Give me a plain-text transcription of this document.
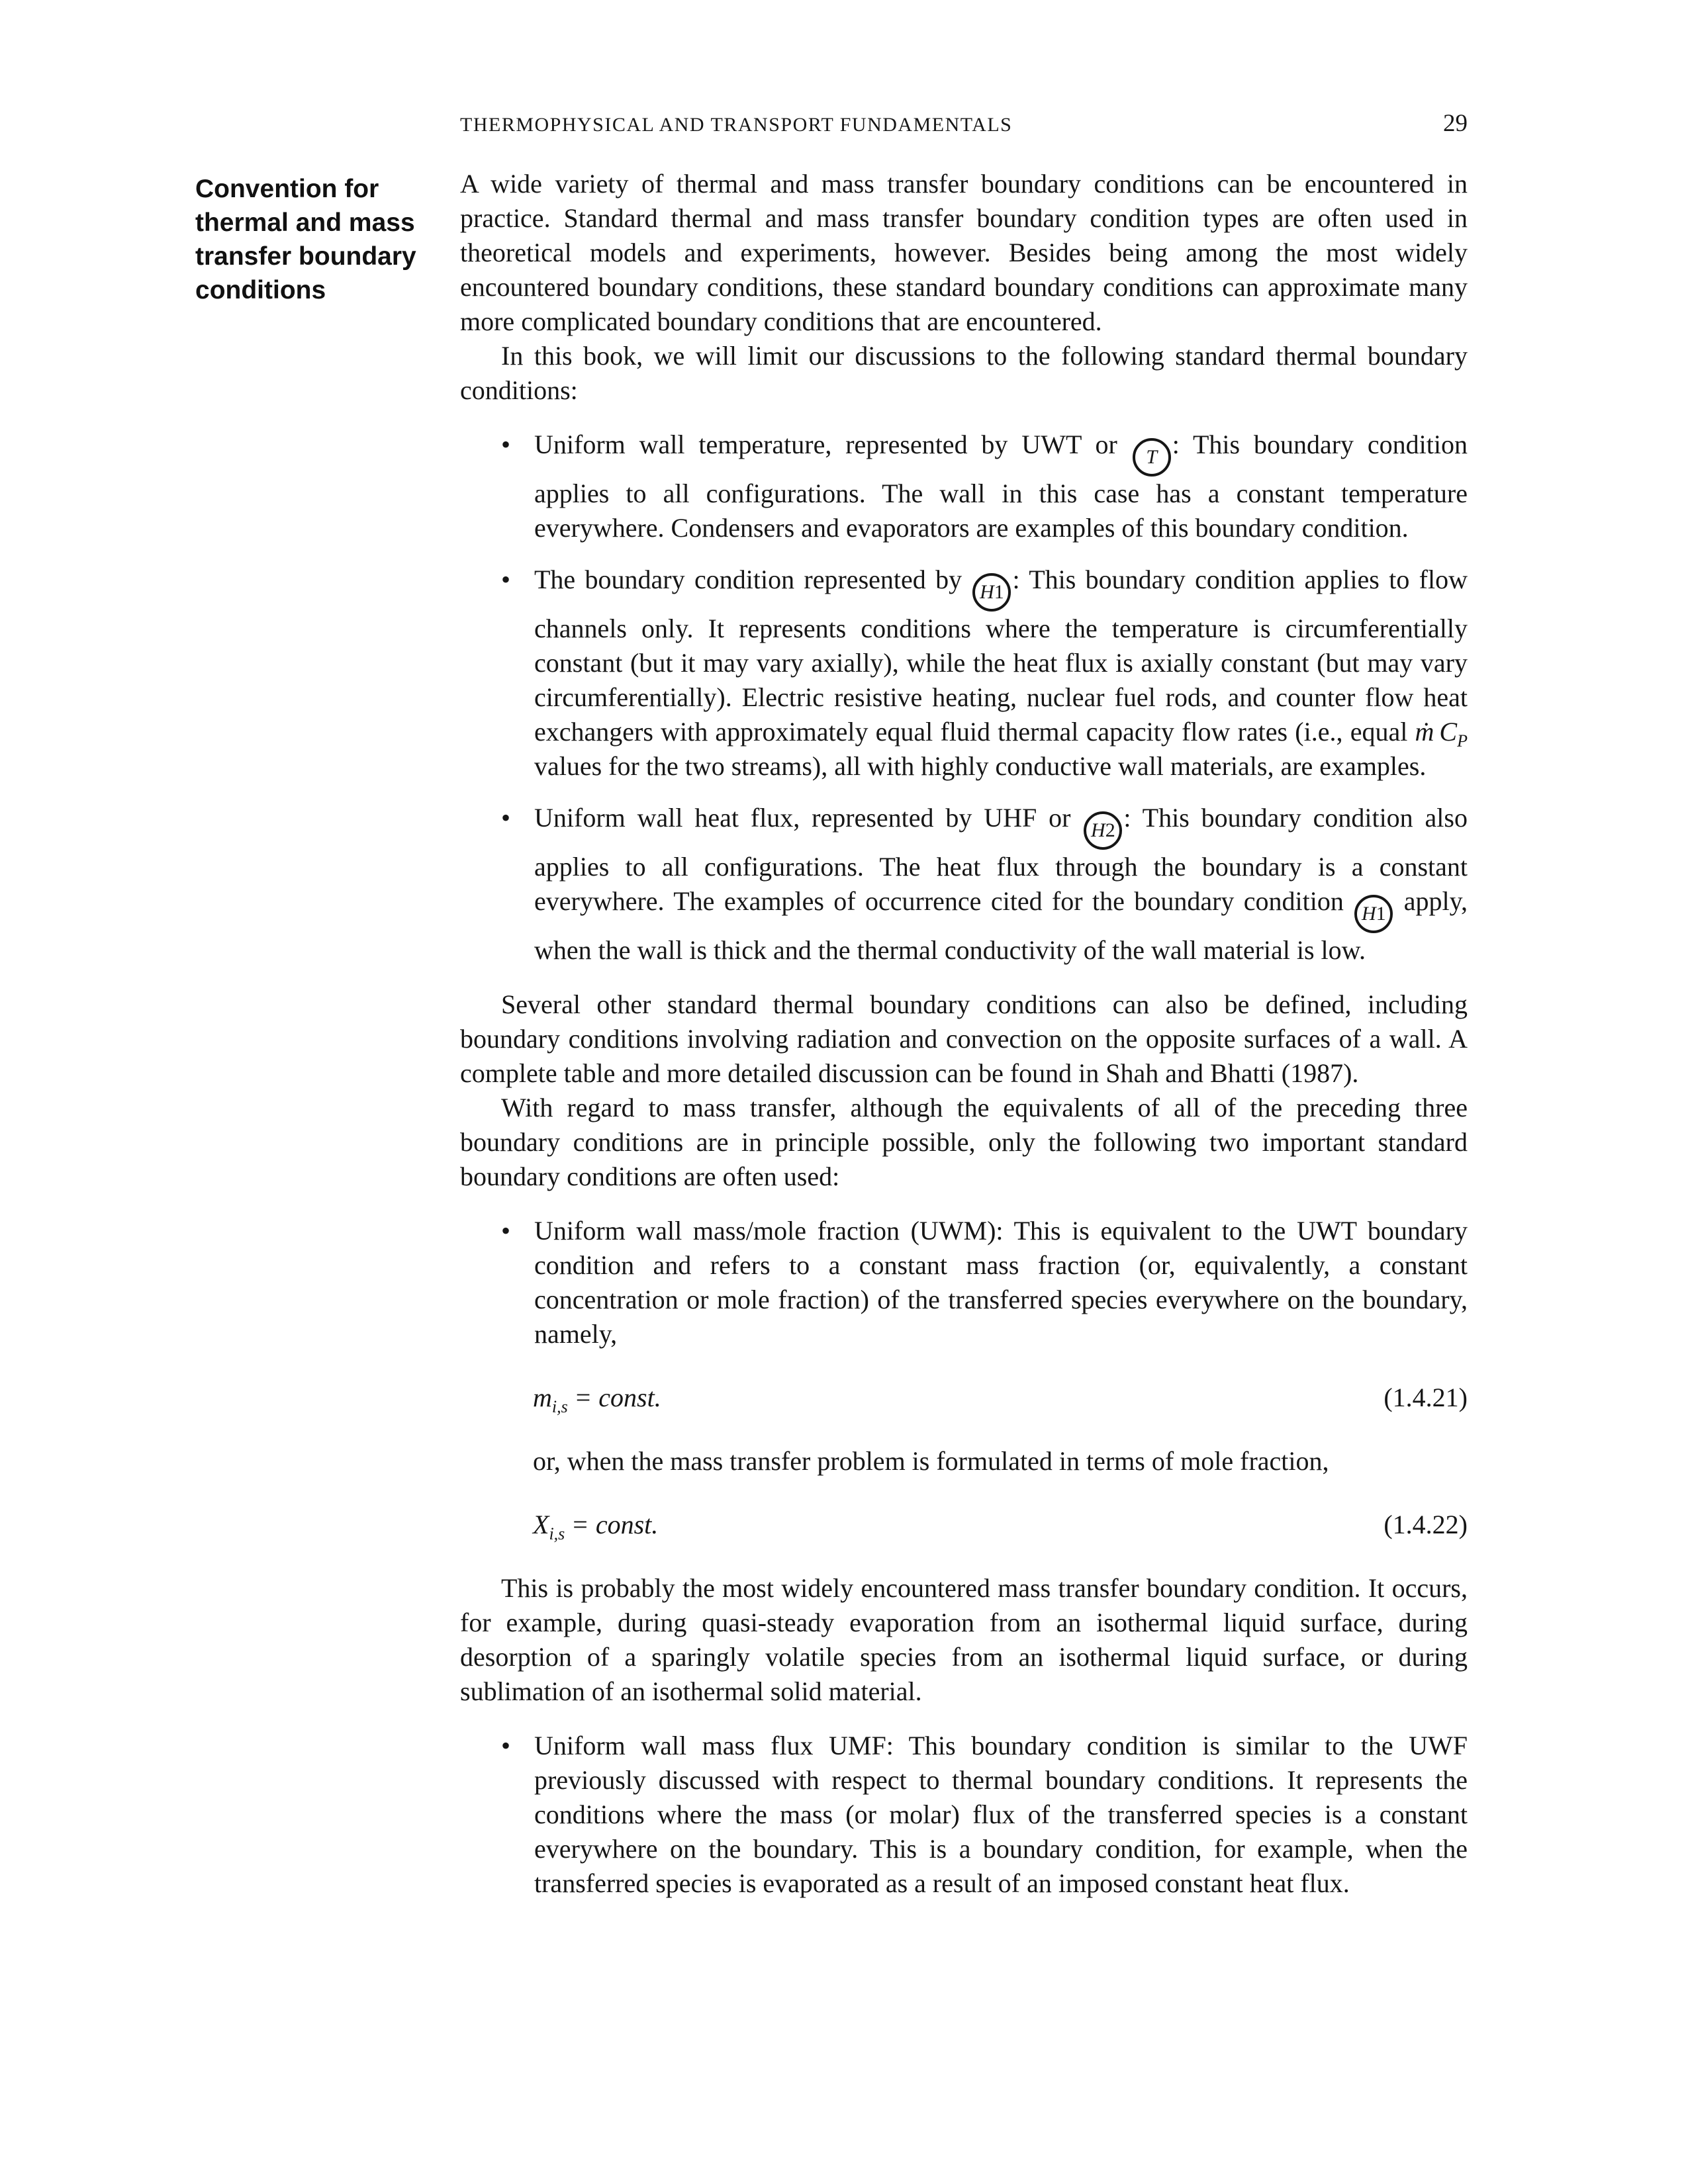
THERMOPHYSICAL AND TRANSPORT FUNDAMENTALS	29
Convention for thermal and mass transfer boundary conditions

A wide variety of thermal and mass transfer boundary conditions can be encountered in practice. Standard thermal and mass transfer boundary condition types are often used in theoretical models and experiments, however. Besides being among the most widely encountered boundary conditions, these standard boundary conditions can approximate many more complicated boundary conditions that are encountered.

In this book, we will limit our discussions to the following standard thermal boundary conditions:

• Uniform wall temperature, represented by UWT or T : This boundary condition applies to all configurations. The wall in this case has a constant temperature everywhere. Condensers and evaporators are examples of this boundary condition.
• The boundary condition represented by H1 : This boundary condition applies to flow channels only. It represents conditions where the temperature is circumferentially constant (but it may vary axially), while the heat flux is axially constant (but may vary circumferentially). Electric resistive heating, nuclear fuel rods, and counter flow heat exchangers with approximately equal fluid thermal capacity flow rates (i.e., equal ṁ $C_P$ values for the two streams), all with highly conductive wall materials, are examples.
• Uniform wall heat flux, represented by UHF or H2 : This boundary condition also applies to all configurations. The heat flux through the boundary is a constant everywhere. The examples of occurrence cited for the boundary condition H1 apply, when the wall is thick and the thermal conductivity of the wall material is low.

Several other standard thermal boundary conditions can also be defined, including boundary conditions involving radiation and convection on the opposite surfaces of a wall. A complete table and more detailed discussion can be found in Shah and Bhatti (1987).

With regard to mass transfer, although the equivalents of all of the preceding three boundary conditions are in principle possible, only the following two important standard boundary conditions are often used:

• Uniform wall mass/mole fraction (UWM): This is equivalent to the UWT boundary condition and refers to a constant mass fraction (or, equivalently, a constant concentration or mole fraction) of the transferred species everywhere on the boundary, namely,
$m_{i,s}$ = const.	(1.4.21)

or, when the mass transfer problem is formulated in terms of mole fraction,

$X_{i,s}$ = const.	(1.4.22)

This is probably the most widely encountered mass transfer boundary condition. It occurs, for example, during quasi-steady evaporation from an isothermal liquid surface, during desorption of a sparingly volatile species from an isothermal liquid surface, or during sublimation of an isothermal solid material.

• Uniform wall mass flux UMF: This boundary condition is similar to the UWF previously discussed with respect to thermal boundary conditions. It represents the conditions where the mass (or molar) flux of the transferred species is a constant everywhere on the boundary. This is a boundary condition, for example, when the transferred species is evaporated as a result of an imposed constant heat flux.
